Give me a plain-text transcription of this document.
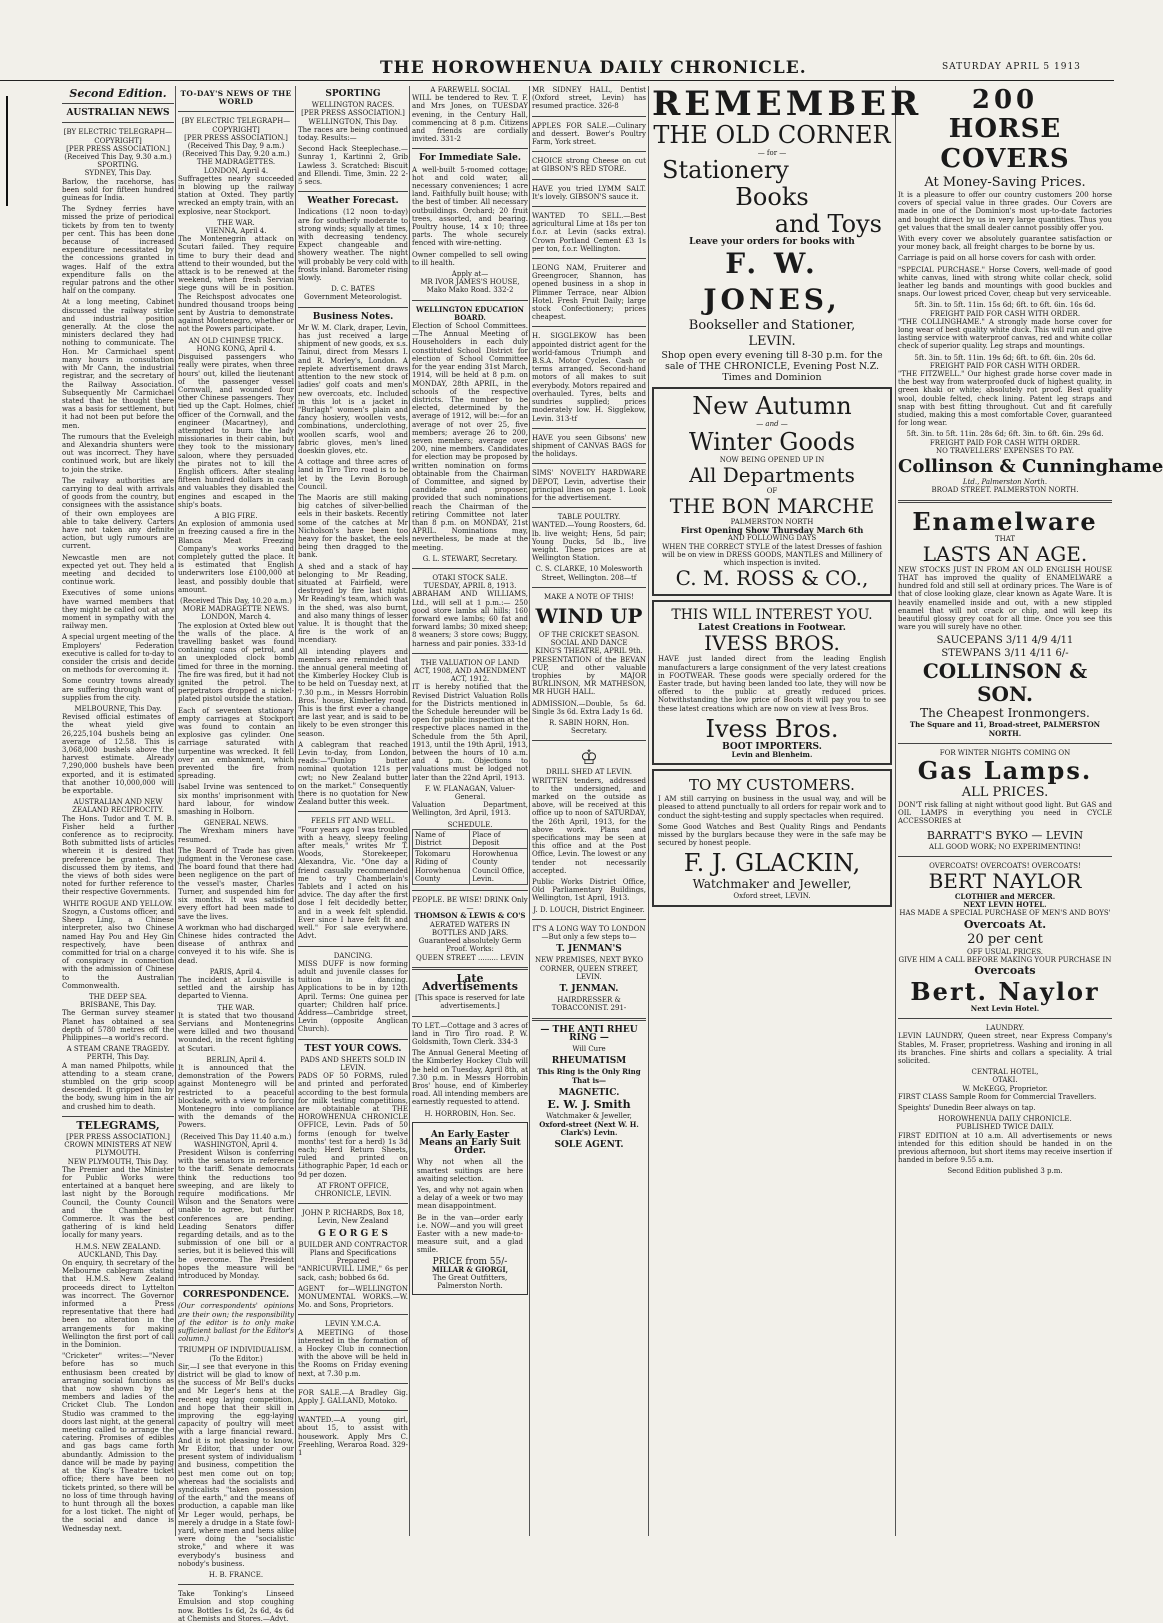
THE HOROWHENUA DAILY CHRONICLE.	SATURDAY APRIL 5 1913
Second Edition.
AUSTRALIAN NEWS
[BY ELECTRIC TELEGRAPH—COPYRIGHT]
[PER PRESS ASSOCIATION.]
(Received This Day, 9.30 a.m.)
SPORTING.
SYDNEY, This Day.

Barlow, the racehorse, has been sold for fifteen hundred guineas for India.

The Sydney ferries have missed the prize of periodical tickets by from ten to twenty per cent. This has been done because of increased expenditure necessitated by the concessions granted in wages. Half of the extra expenditure falls on the regular patrons and the other half on the company.

At a long meeting, Cabinet discussed the railway strike and industrial position generally. At the close the ministers declared they had nothing to communicate. The Hon. Mr Carmichael spent many hours in consultation with Mr Cann, the industrial registrar, and the secretary of the Railway Association. Subsequently Mr Carmichael stated that he thought there was a basis for settlement, but it had not been put before the men.

The rumours that the Eveleigh and Alexandria shunters were out was incorrect. They have continued work, but are likely to join the strike.

The railway authorities are carrying to deal with arrivals of goods from the country, but consignees with the assistance of their own employees are able to take delivery. Carters have not taken any definite action, but ugly rumours are current.

Newcastle men are not expected yet out. They held a meeting and decided to continue work.

Executives of some unions have warned members that they might be called out at any moment in sympathy with the railway men.

A special urgent meeting of the Employers' Federation executive is called for to-day to consider the crisis and decide on methods for overcoming it.

Some country towns already are suffering through want of supplies from the city.

MELBOURNE, This Day.

Revised official estimates of the wheat yield give 26,225,104 bushels being an average of 12.58. This is 3,068,000 bushels above the harvest estimate. Already 7,290,000 bushels have been exported, and it is estimated that another 10,000,000 will be exportable.

AUSTRALIAN AND NEW ZEALAND RECIPROCITY.

The Hons. Tudor and T. M. B. Fisher held a further conference as to reciprocity. Both submitted lists of articles wherein it is desired that preference be granted. They discussed them by items, and the views of both sides were noted for further reference to their respective Governments.

WHITE ROGUE AND YELLOW.

Szogyn, a Customs officer, and Sheep Ling, a Chinese interpreter, also two Chinese named Hay Pou and Hey Gin respectively, have been committed for trial on a charge of conspiracy in connection with the admission of Chinese to the Australian Commonwealth.

THE DEEP SEA.
BRISBANE, This Day.

The German survey steamer Planet has obtained a sea depth of 5780 metres off the Philippines—a world's record.

A STEAM CRANE TRAGEDY.
PERTH, This Day.

A man named Philpotts, while attending to a steam crane, stumbled on the grip scoop descended. It gripped him by the body, swung him in the air and crushed him to death.

TELEGRAMS,
[PER PRESS ASSOCIATION.]
CROWN MINISTERS AT NEW PLYMOUTH.
NEW PLYMOUTH, This Day.

The Premier and the Minister for Public Works were entertained at a banquet here last night by the Borough Council, the County Council and the Chamber of Commerce. It was the best gathering of is kind held locally for many years.

H.M.S. NEW ZEALAND.
AUCKLAND, This Day.

On enquiry, th secretary of the Melbourne cablegram stating that H.M.S. New Zealand proceeds direct to Lyttelton was incorrect. The Governor informed a Press representative that there had been no alteration in the arrangements for making Wellington the first port of call in the Dominion.

"Cricketer" writes:—"Never before has so much enthusiasm been created by arranging social functions as that now shown by the members and ladies of the Cricket Club. The London Studio was crammed to the doors last night, at the general meeting called to arrange the catering. Promises of edibles and gas bags came forth abundantly. Admission to the dance will be made by paying at the King's Theatre ticket office; there have been no tickets printed, so there will be no loss of time through having to hunt through all the boxes for a lost ticket. The night of the social and dance is Wednesday next.

TO-DAY'S NEWS OF THE WORLD
[BY ELECTRIC TELEGRAPH—COPYRIGHT]
[PER PRESS ASSOCIATION.]
(Received This Day, 9 a.m.)
(Received This Day, 9.20 a.m.)
THE MADRAGETTES.
LONDON, April 4.

Suffragettes nearly succeeded in blowing up the railway station at Oxted. They partly wrecked an empty train, with an explosive, near Stockport.

THE WAR.
VIENNA, April 4.

The Montenegrin attack on Scutari failed. They require time to bury their dead and attend to their wounded, but the attack is to be renewed at the weekend, when fresh Servian siege guns will be in position. The Reichspost advocates one hundred thousand troops being sent by Austria to demonstrate against Montenegro, whether or not the Powers participate.

AN OLD CHINESE TRICK.
HONG KONG, April 4.

Disguised passengers who really were pirates, when three hours' out, killed the lieutenant of the passenger vessel Cornwall, and wounded four other Chinese passengers. They tied up the Capt. Holmes, chief officer of the Cornwall, and the engineer (Macartney), and attempted to burn the lady missionaries in their cabin, but they took to the missionary saloon, where they persuaded the pirates not to kill the English officers. After stealing fifteen hundred dollars in cash and valuables they disabled the engines and escaped in the ship's boats.

A BIG FIRE.

An explosion of ammonia used in freezing caused a fire in the Blanca Meat Freezing Company's works and completely gutted the place. It is estimated that English underwriters lose £100,000 at least, and possibly double that amount.

(Received This Day, 10.20 a.m.)
MORE MADRAGETTE NEWS.
LONDON, March 4.

The explosion at Oxted blew out the walls of the place. A travelling basket was found containing cans of petrol, and an unexploded clock bomb timed for three in the morning. The fire was fired, but it had not ignited the petrol. The perpetrators dropped a nickel-plated pistol outside the station.

Each of seventeen stationary empty carriages at Stockport was found to contain an explosive gas cylinder. One carriage saturated with turpentine was wrecked. It fell over an embankment, which prevented the fire from spreading.

Isabel Irvine was sentenced to six months' imprisonment with hard labour, for window smashing in Holborn.

GENERAL NEWS.

The Wrexham miners have resumed.

The Board of Trade has given judgment in the Veronese case. The board found that there had been negligence on the part of the vessel's master, Charles Turner, and suspended him for six months. It was satisfied every effort had been made to save the lives.

A workman who had discharged Chinese hides contracted the disease of anthrax and conveyed it to his wife. She is dead.

PARIS, April 4.

The incident at Louisville is settled and the airship has departed to Vienna.

THE WAR.

It is stated that two thousand Servians and Montenegrins were killed and two thousand wounded, in the recent fighting at Scutari.

BERLIN, April 4.

It is announced that the demonstration of the Powers against Montenegro will be restricted to a peaceful blockade, with a view to forcing Montenegro into compliance with the demands of the Powers.

(Received This Day 11.40 a.m.)
WASHINGTON, April 4.

President Wilson is conferring with the senators in reference to the tariff. Senate democrats think the reductions too sweeping, and are likely to require modifications. Mr Wilson and the Senators were unable to agree, but further conferences are pending. Leading Senators differ regarding details, and as to the submission of one bill or a series, but it is believed this will be overcome. The President hopes the measure will be introduced by Monday.

CORRESPONDENCE.

(Our correspondents' opinions are their own; the responsibility of the editor is to only make sufficient ballast for the Editor's column.)

TRIUMPH OF INDIVIDUALISM.
(To the Editor.)

Sir,—I see that everyone in this district will be glad to know of the success of Mr Bell's ducks and Mr Leger's hens at the recent egg laying competition, and hope that their skill in improving the egg-laying capacity of poultry will meet with a large financial reward. And it is not pleasing to know, Mr Editor, that under our present system of individualism and business, competition the best men come out on top; whereas had the socialists and syndicalists "taken possession of the earth," and the means of production, a capable man like Mr Leger would, perhaps, be merely a drudge in a State fowl-yard, where men and hens alike were doing the "socialistic stroke," and where it was everybody's business and nobody's business.

H. B. FRANCE.

Take Tonking's Linseed Emulsion and stop coughing now. Bottles 1s 6d, 2s 6d, 4s 6d at Chemists and Stores.—Advt.

SPORTING
WELLINGTON RACES.
[PER PRESS ASSOCIATION.]
WELLINGTON, This Day.

The races are being continued today. Results:—

Second Hack Steeplechase.—Sunray 1, Kartinni 2, Grib Lawless 3. Scratched: Biscuit and Ellendi. Time, 3min. 22 2-5 secs.

Weather Forecast.

Indications (12 noon to-day) are for southerly moderate to strong winds; squally at times, with decreasing tendency. Expect changeable and showery weather. The night will probably be very cold with frosts inland. Barometer rising slowly.

D. C. BATES
Government Meteorologist.
Business Notes.

Mr W. M. Clark, draper, Levin, has just received a large shipment of new goods, ex s.s. Tainui, direct from Messrs I. and R. Morley's, London. A replete advertisement draws attention to the new stock of ladies' golf coats and men's new overcoats, etc. Included in this lot is a jacket in "Burlagh" women's plain and fancy hosiery, woollen vests, combinations, underclothing, woollen scarfs, wool and fabric gloves, men's lined doeskin gloves, etc.

A cottage and three acres of land in Tiro Tiro road is to be let by the Levin Borough Council.

The Maoris are still making big catches of silver-bellied eels in their baskets. Recently some of the catches at Mr Nicholson's have been too heavy for the basket, the eels being then dragged to the bank.

A shed and a stack of hay belonging to Mr Reading, situated at Fairfield, were destroyed by fire last night. Mr Reading's team, which was in the shed, was also burnt, and also many things of lesser value. It is thought that the fire is the work of an incendiary.

All intending players and members are reminded that the annual general meeting of the Kimberley Hockey Club is to be held on Tuesday next, at 7.30 p.m., in Messrs Horrobin Bros.' house, Kimberley road. This is the first ever a change are last year, and is said to be likely to be even stronger this season.

A cablegram that reached Levin to-day, from London, reads:—"Dunlop butter nominal quotation 121s per cwt; no New Zealand butter on the market." Consequently there is no quotation for New Zealand butter this week.

FEELS FIT AND WELL.

"Four years ago I was troubled with a heavy, sleepy feeling after meals," writes Mr T. Woods, Storekeeper, Alexandra, Vic. "One day a friend casually recommended me to try Chamberlain's Tablets and I acted on his advice. The day after the first dose I felt decidedly better, and in a week felt splendid. Ever since I have felt fit and well." For sale everywhere. Advt.

DANCING.

MISS DUFF is now forming adult and juvenile classes for tuition in dancing. Applications to be in by 12th April. Terms: One guinea per quarter; Children half price. Address—Cambridge street, Levin (opposite Anglican Church).

TEST YOUR COWS.
PADS AND SHEETS SOLD IN LEVIN.

PADS OF 50 FORMS, ruled and printed and perforated according to the best formula for milk testing competitions, are obtainable at THE HOROWHENUA CHRONICLE OFFICE, Levin. Pads of 50 forms (enough for twelve months' test for a herd) 1s 3d each; Herd Return Sheets, ruled and printed on Lithographic Paper, 1d each or 9d per dozen.

AT FRONT OFFICE, CHRONICLE, LEVIN.
JOHN P. RICHARDS, Box 18, Levin, New Zealand
G E O R G E S
BUILDER AND CONTRACTOR
Plans and Specifications Prepared

"ANRICURVILL LIME," 6s per sack, cash; bobbed 6s 6d.

AGENT for—WELLINGTON MONUMENTAL WORKS.—W. Mo. and Sons, Proprietors.

LEVIN Y.M.C.A.

A MEETING of those interested in the formation of a Hockey Club in connection with the above will be held in the Rooms on Friday evening next, at 7.30 p.m.

FOR SALE.—A Bradley Gig. Apply J. GALLAND, Motoko.

WANTED.—A young girl, about 15, to assist with housework. Apply Mrs C. Freehling, Weraroa Road. 329-1

A FAREWELL SOCIAL

WILL be tendered to Rev. T. F. and Mrs Jones, on TUESDAY evening, in the Century Hall, commencing at 8 p.m. Citizens and friends are cordially invited. 331-2

For Immediate Sale.

A well-built 5-roomed cottage; hot and cold water, all necessary conveniences; 1 acre land. Faithfully built house; with the best of timber. All necessary outbuildings. Orchard; 20 fruit trees, assorted, and bearing. Poultry house, 14 x 10; three parts. The whole securely fenced with wire-netting.

Owner compelled to sell owing to ill health.

Apply at—
MR IVOR JAMES'S HOUSE, Mako Mako Road. 332-2
WELLINGTON EDUCATION BOARD.

Election of School Committees.—The Annual Meeting of Householders in each duly constituted School District for election of School Committee for the year ending 31st March, 1914, will be held at 8 p.m. on MONDAY, 28th APRIL, in the schools of the respective districts. The number to be elected, determined by the average of 1912, will be:—for an average of not over 25, five members; average 26 to 200, seven members; average over 200, nine members. Candidates for election may be proposed by written nomination on forms obtainable from the Chairman of Committee, and signed by candidate and proposer, provided that such nominations reach the Chairman of the retiring Committee not later than 8 p.m. on MONDAY, 21st APRIL. Nominations may, nevertheless, be made at the meeting.

G. L. STEWART, Secretary.
OTAKI STOCK SALE.
TUESDAY, APRIL 8, 1913.

ABRAHAM AND WILLIAMS, Ltd., will sell at 1 p.m.:— 250 good store lambs all hills; 160 forward ewe lambs; 60 fat and forward lambs; 30 mixed sheep; 8 weaners; 3 store cows; Buggy, harness and pair ponies. 333-1d

THE VALUATION OF LAND ACT, 1908, AND AMENDMENT ACT, 1912.

IT is hereby notified that the Revised District Valuation Rolls for the Districts mentioned in the Schedule hereunder will be open for public inspection at the respective places named in the Schedule from the 5th April, 1913, until the 19th April, 1913, between the hours of 10 a.m. and 4 p.m. Objections to valuations must be lodged not later than the 22nd April, 1913.

F. W. FLANAGAN, Valuer-General.

Valuation Department, Wellington, 3rd April, 1913.

SCHEDULE.
Name of District	Place of Deposit
Tokomaru Riding of Horowhenua County	Horowhenua County Council Office, Levin.
PEOPLE. BE WISE! DRINK Only—
THOMSON & LEWIS & CO'S
AERATED WATERS IN BOTTLES AND JARS.
Guaranteed absolutely Germ Proof. Works:
QUEEN STREET ......... LEVIN
Late Advertisements
[This space is reserved for late advertisements.]

TO LET.—Cottage and 3 acres of land in Tiro Tiro road. P. W. Goldsmith, Town Clerk. 334-3

The Annual General Meeting of the Kimberley Hockey Club will be held on Tuesday, April 8th, at 7.30 p.m. in Messrs Horrobin Bros' house, end of Kimberley road. All intending members are earnestly requested to attend.

H. HORROBIN, Hon. Sec.
An Early Easter Means an Early Suit Order.

Why not when all the smartest suitings are here awaiting selection.

Yes, and why not again when a delay of a week or two may mean disappointment.

Be in the van—order early i.e. NOW—and you will greet Easter with a new made-to-measure suit, and a glad smile.

PRICE from 55/-
MILLAR & GIORGI,
The Great Outfitters,
Palmerston North.

MR SIDNEY HALL, Dentist (Oxford street, Levin) has resumed practice. 326-8

APPLES FOR SALE.—Culinary and dessert. Bower's Poultry Farm, York street.

CHOICE strong Cheese on cut at GIBSON'S RED STORE.

HAVE you tried LYMM SALT. It's lovely. GIBSON'S sauce it.

WANTED TO SELL.—Best agricultural Lime at 18s per ton f.o.r. at Levin (sacks extra). Crown Portland Cement £3 1s per ton, f.o.r. Wellington.

LEONG NAM, Fruiterer and Greengrocer, Shannon, has opened business in a shop in Plimmer Terrace, near Albion Hotel. Fresh Fruit Daily; large stock Confectionery; prices cheapest.

H. SIGGLEKOW has been appointed district agent for the world-famous Triumph and B.S.A. Motor Cycles. Cash or terms arranged. Second-hand motors of all makes to suit everybody. Motors repaired and overhauled. Tyres, belts and sundries supplied; prices moderately low. H. Sigglekow, Levin. 313-tf

HAVE you seen Gibsons' new shipment of CANVAS BAGS for the holidays.

SIMS' NOVELTY HARDWARE DEPOT, Levin, advertise their principal lines on page 1. Look for the advertisement.

TABLE POULTRY.

WANTED.—Young Roosters, 6d. lb. live weight; Hens, 5d pair; Young Ducks, 5d lb., live weight. These prices are at Wellington Station.

C. S. CLARKE, 10 Molesworth Street, Wellington. 208—tf
MAKE A NOTE OF THIS!
WIND UP
OF THE CRICKET SEASON.
SOCIAL AND DANCE
KING'S THEATRE, APRIL 9th.

PRESENTATION of the BEVAN CUP, and other valuable trophies by MAJOR BURLINSON, MR MATHESON, MR HUGH HALL.

ADMISSION.—Double, 5s 6d. Single 3s 6d. Extra Lady 1s 6d.

R. SABIN HORN, Hon. Secretary.
♔
DRILL SHED AT LEVIN.

WRITTEN tenders, addressed to the undersigned, and marked on the outside as above, will be received at this office up to noon of SATURDAY, the 26th April, 1913, for the above work. Plans and specifications may be seen at this office and at the Post Office, Levin. The lowest or any tender not necessarily accepted.

Public Works District Office, Old Parliamentary Buildings, Wellington, 1st April, 1913.

J. D. LOUCH, District Engineer.
IT'S A LONG WAY TO LONDON —But only a few steps to—
T. JENMAN'S
NEW PREMISES, NEXT BYKO CORNER, QUEEN STREET, LEVIN.
T. JENMAN.
HAIRDRESSER & TOBACCONIST. 291-
— THE ANTI RHEU RING —
Will Cure
RHEUMATISM
This Ring is the Only Ring That is—
MAGNETIC.
E. W. J. Smith
Watchmaker & Jeweller,
Oxford-street (Next W. H. Clark's) Levin.
SOLE AGENT.
REMEMBER
THE OLD CORNER
— for —
Stationery
Books
and Toys
Leave your orders for books with
F. W. JONES,
Bookseller and Stationer,
LEVIN.
Shop open every evening till 8-30 p.m. for the sale of THE CHRONICLE, Evening Post N.Z. Times and Dominion
New Autumn
— and —
Winter Goods
NOW BEING OPENED UP IN
All Departments
OF
THE BON MARCHE
PALMERSTON NORTH
First Opening Show Thursday March 6th
AND FOLLOWING DAYS
WHEN THE CORRECT STYLE of the latest Dresses of fashion will be on view in DRESS GOODS, MANTLES and Millinery of which inspection is invited.
C. M. ROSS & CO.,
THIS WILL INTEREST YOU.
Latest Creations in Footwear.
IVESS BROS.

HAVE just landed direct from the leading English manufacturers a large consignment of the very latest creations in FOOTWEAR. These goods were specially ordered for the Easter trade, but having been landed too late, they will now be offered to the public at greatly reduced prices. Notwithstanding the low price of Boots it will pay you to see these latest creations which are now on view at Ivess Bros.

Ivess Bros.
BOOT IMPORTERS.
Levin and Blenheim.
TO MY CUSTOMERS.

I AM still carrying on business in the usual way, and will be pleased to attend punctually to all orders for repair work and to conduct the sight-testing and supply spectacles when required.

Some Good Watches and Best Quality Rings and Pendants missed by the burglars because they were in the safe may be secured by honest people.

F. J. GLACKIN,
Watchmaker and Jeweller,
Oxford street, LEVIN.
200
HORSE COVERS
At Money-Saving Prices.

It is a pleasure to offer our country customers 200 horse covers of special value in three grades. Our Covers are made in one of the Dominion's most up-to-date factories and bought direct by us in very large quantities. Thus you get values that the small dealer cannot possibly offer you.

With every cover we absolutely guarantee satisfaction or your money back, all freight charges to be borne by us.

Carriage is paid on all horse covers for cash with order.

"SPECIAL PURCHASE." Horse Covers, well-made of good white canvas, lined with strong white collar check, solid leather leg bands and mountings with good buckles and snaps. Our lowest priced Cover, cheap but very serviceable.

5ft. 3in. to 5ft. 11in. 15s 6d; 6ft. to 6ft. 6in. 16s 6d. FREIGHT PAID FOR CASH WITH ORDER.

"THE COLLINGHAME." A strongly made horse cover for long wear of best quality white duck. This will run and give lasting service with waterproof canvas, red and white collar check of superior quality. Leg straps and mountings.

5ft. 3in. to 5ft. 11in. 19s 6d; 6ft. to 6ft. 6in. 20s 6d. FREIGHT PAID FOR CASH WITH ORDER.

"THE FITZWELL." Our highest grade horse cover made in the best way from waterproofed duck of highest quality, in green khaki or white; absolutely rot proof. Best quality wool, double felted, check lining. Patent leg straps and snap with best fitting throughout. Cut and fit carefully studied, making this a most comfortable Cover, guaranteed for long wear.

5ft. 3in. to 5ft. 11in. 28s 6d; 6ft. 3in. to 6ft. 6in. 29s 6d. FREIGHT PAID FOR CASH WITH ORDER.
NO TRAVELLERS' EXPENSES TO PAY.
Collinson & Cunninghame
Ltd., Palmerston North.
BROAD STREET. PALMERSTON NORTH.
Enamelware
THAT
LASTS AN AGE.

NEW STOCKS JUST IN FROM AN OLD ENGLISH HOUSE THAT has improved the quality of ENAMELWARE a hundred fold and still sell at ordinary prices. The Ware is of that of close looking glaze, clear known as Agate Ware. It is heavily enamelled inside and out, with a new stippled enamel that will not crack or chip, and will keep its beautiful glossy grey coat for all time. Once you see this ware you will surely have no other.

SAUCEPANS 3/11 4/9 4/11
STEWPANS 3/11 4/11 6/-
COLLINSON & SON.
The Cheapest Ironmongers.
The Square and 11, Broad-street, PALMERSTON NORTH.
FOR WINTER NIGHTS COMING ON
Gas Lamps.
ALL PRICES.

DON'T risk falling at night without good light. But GAS and OIL LAMPS in everything you need in CYCLE ACCESSORIES at

BARRATT'S BYKO — LEVIN
ALL GOOD WORK; NO EXPERIMENTING!
OVERCOATS! OVERCOATS! OVERCOATS!
BERT NAYLOR
CLOTHIER and MERCER.
NEXT LEVIN HOTEL.
HAS MADE A SPECIAL PURCHASE OF MEN'S AND BOYS'
Overcoats At.
20 per cent
OFF USUAL PRICES.
GIVE HIM A CALL BEFORE MAKING YOUR PURCHASE IN
Overcoats
Bert. Naylor
Next Levin Hotel.
LAUNDRY.

LEVIN LAUNDRY, Queen street, near Express Company's Stables, M. Fraser, proprietress. Washing and ironing in all its branches. Fine shirts and collars a speciality. A trial solicited.

CENTRAL HOTEL,
OTAKI.
W. McKEGG, Proprietor.

FIRST CLASS Sample Room for Commercial Travellers.

Speights' Dunedin Beer always on tap.

HOROWHENUA DAILY CHRONICLE.
PUBLISHED TWICE DAILY.

FIRST EDITION at 10 a.m. All advertisements or news intended for this edition should be handed in on the previous afternoon, but short items may receive insertion if handed in before 9.55 a.m.

Second Edition published 3 p.m.
